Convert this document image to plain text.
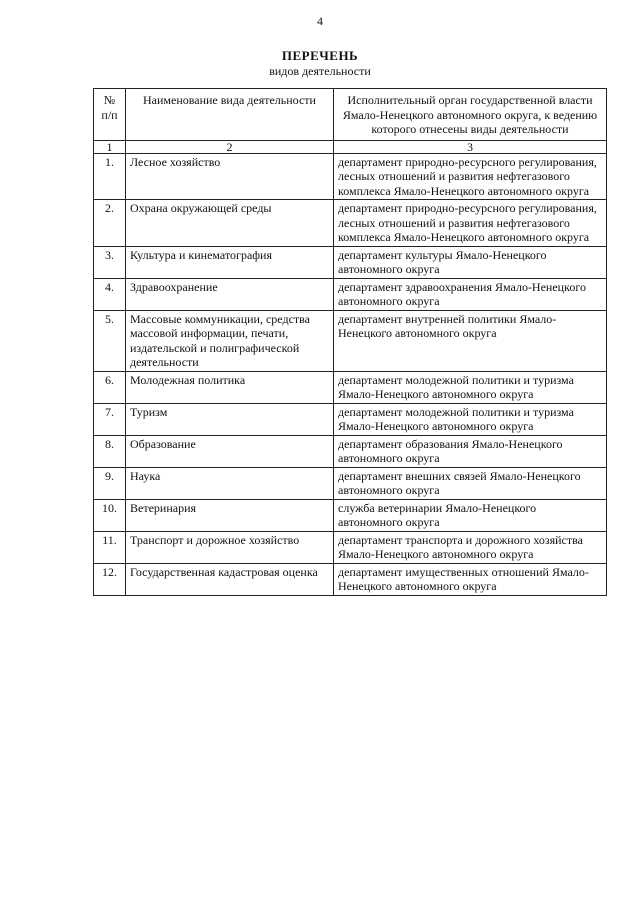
4
ПЕРЕЧЕНЬ
видов деятельности
№ п/п	Наименование вида деятельности	Исполнительный орган государственной власти Ямало-Ненецкого автономного округа, к ведению которого отнесены виды деятельности
1	2	3
1.	Лесное хозяйство	департамент природно-ресурсного регулирования, лесных отношений и развития нефтегазового комплекса Ямало-Ненецкого автономного округа
2.	Охрана окружающей среды	департамент природно-ресурсного регулирования, лесных отношений и развития нефтегазового комплекса Ямало-Ненецкого автономного округа
3.	Культура и кинематография	департамент культуры Ямало-Ненецкого автономного округа
4.	Здравоохранение	департамент здравоохранения Ямало-Ненецкого автономного округа
5.	Массовые коммуникации, средства массовой информации, печати, издательской и полиграфической деятельности	департамент внутренней политики Ямало-Ненецкого автономного округа
6.	Молодежная политика	департамент молодежной политики и туризма Ямало-Ненецкого автономного округа
7.	Туризм	департамент молодежной политики и туризма Ямало-Ненецкого автономного округа
8.	Образование	департамент образования Ямало-Ненецкого автономного округа
9.	Наука	департамент внешних связей Ямало-Ненецкого автономного округа
10.	Ветеринария	служба ветеринарии Ямало-Ненецкого автономного округа
11.	Транспорт и дорожное хозяйство	департамент транспорта и дорожного хозяйства Ямало-Ненецкого автономного округа
12.	Государственная кадастровая оценка	департамент имущественных отношений Ямало-Ненецкого автономного округа
